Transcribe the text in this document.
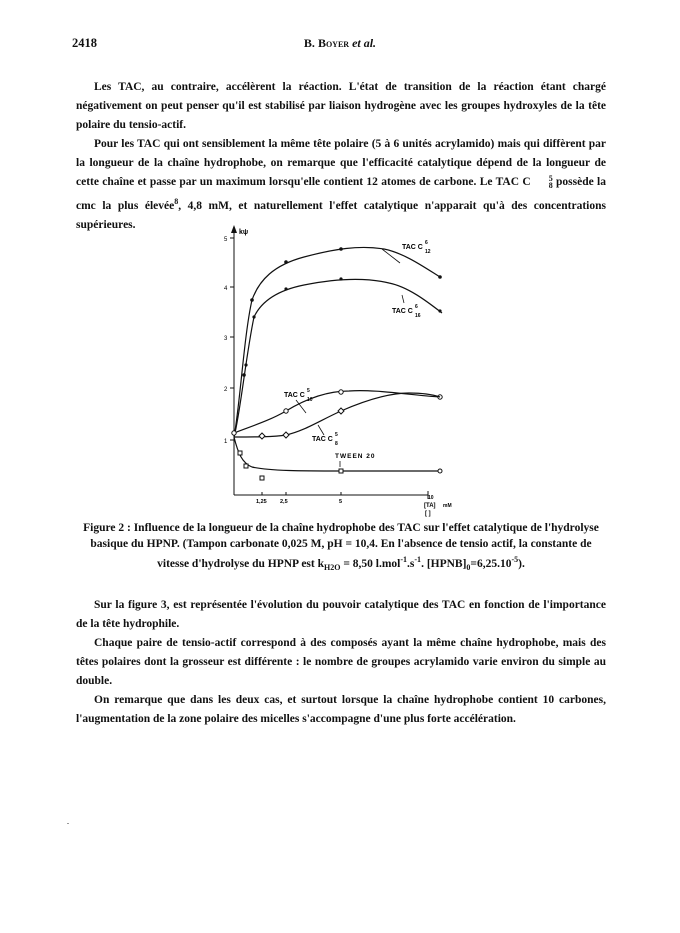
2418	B. Boyer et al.

Les TAC, au contraire, accélèrent la réaction. L'état de transition de la réaction étant chargé négativement on peut penser qu'il est stabilisé par liaison hydrogène avec les groupes hydroxyles de la tête polaire du tensio-actif.

Pour les TAC qui ont sensiblement la même tête polaire (5 à 6 unités acrylamido) mais qui diffèrent par la longueur de la chaîne hydrophobe, on remarque que l'efficacité catalytique dépend de la longueur de cette chaîne et passe par un maximum lorsqu'elle contient 12 atomes de carbone. Le TAC C	5
8 possède la cmc la plus élevée$^8$, 4,8 mM, et naturellement l'effet catalytique n'apparait qu'à des concentrations supérieures.

kψ
1
2
3
4
5
1,25 2,5	5
10
[TA] mM
[ ]
TAC C
6
12
TAC C
6
16
TAC C
5
10
TAC C
5
8
TWEEN 20
Figure 2 : Influence de la longueur de la chaîne hydrophobe des TAC sur l'effet catalytique de l'hydrolyse
basique du HPNP. (Tampon carbonate 0,025 M, pH = 10,4. En l'absence de tensio actif, la constante de
vitesse d'hydrolyse du HPNP est $k_{H2O} = 8,50$ $l.mol^{-1}.s^{-1}$. $[HPNB]_0=6,25.10^{-5}$).

Sur la figure 3, est représentée l'évolution du pouvoir catalytique des TAC en fonction de l'importance de la tête hydrophile.

Chaque paire de tensio-actif correspond à des composés ayant la même chaîne hydrophobe, mais des têtes polaires dont la grosseur est différente : le nombre de groupes acrylamido varie environ du simple au double.

On remarque que dans les deux cas, et surtout lorsque la chaîne hydrophobe contient 10 carbones, l'augmentation de la zone polaire des micelles s'accompagne d'une plus forte accélération.
